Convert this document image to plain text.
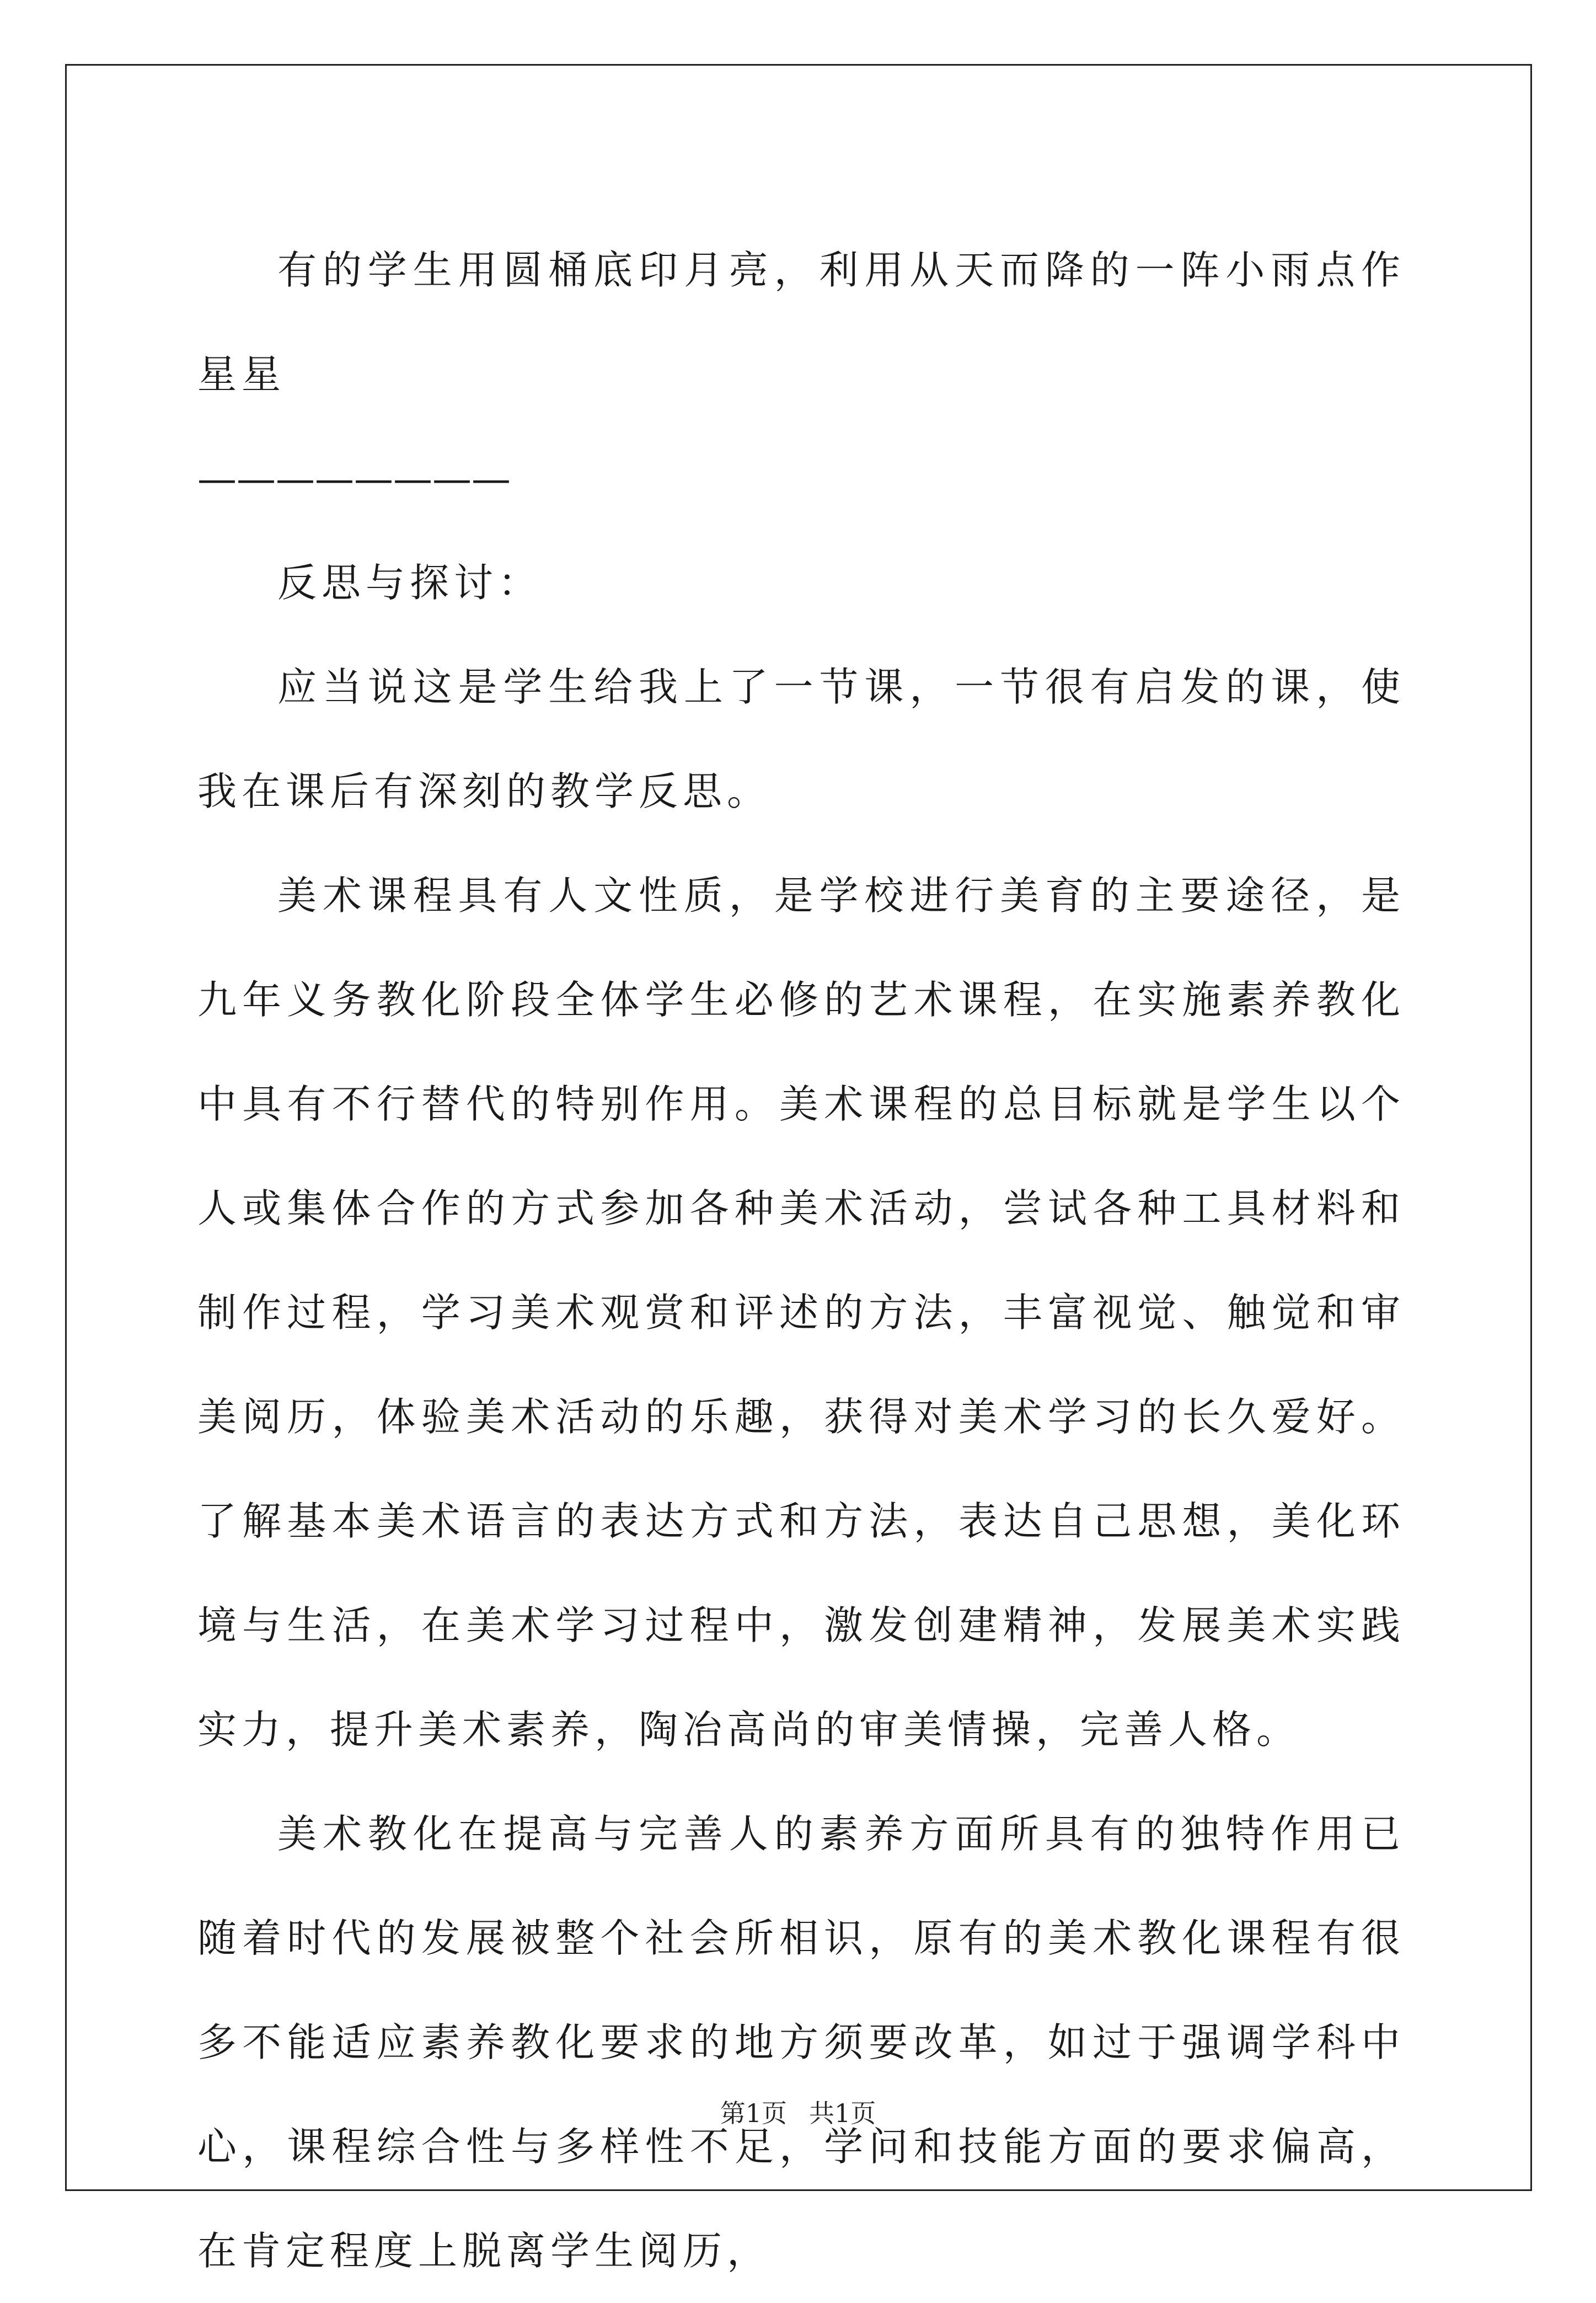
有的学生用圆桶底印月亮，利用从天而降的一阵小雨点作星星

————————

反思与探讨：

应当说这是学生给我上了一节课，一节很有启发的课，使我在课后有深刻的教学反思。

美术课程具有人文性质，是学校进行美育的主要途径，是九年义务教化阶段全体学生必修的艺术课程，在实施素养教化中具有不行替代的特别作用。美术课程的总目标就是学生以个人或集体合作的方式参加各种美术活动，尝试各种工具材料和制作过程，学习美术观赏和评述的方法，丰富视觉、触觉和审美阅历，体验美术活动的乐趣，获得对美术学习的长久爱好。了解基本美术语言的表达方式和方法，表达自己思想，美化环境与生活，在美术学习过程中，激发创建精神，发展美术实践实力，提升美术素养，陶冶高尚的审美情操，完善人格。

美术教化在提高与完善人的素养方面所具有的独特作用已随着时代的发展被整个社会所相识，原有的美术教化课程有很多不能适应素养教化要求的地方须要改革，如过于强调学科中心，课程综合性与多样性不足，学问和技能方面的要求偏高，在肯定程度上脱离学生阅历，

第1页 共1页
